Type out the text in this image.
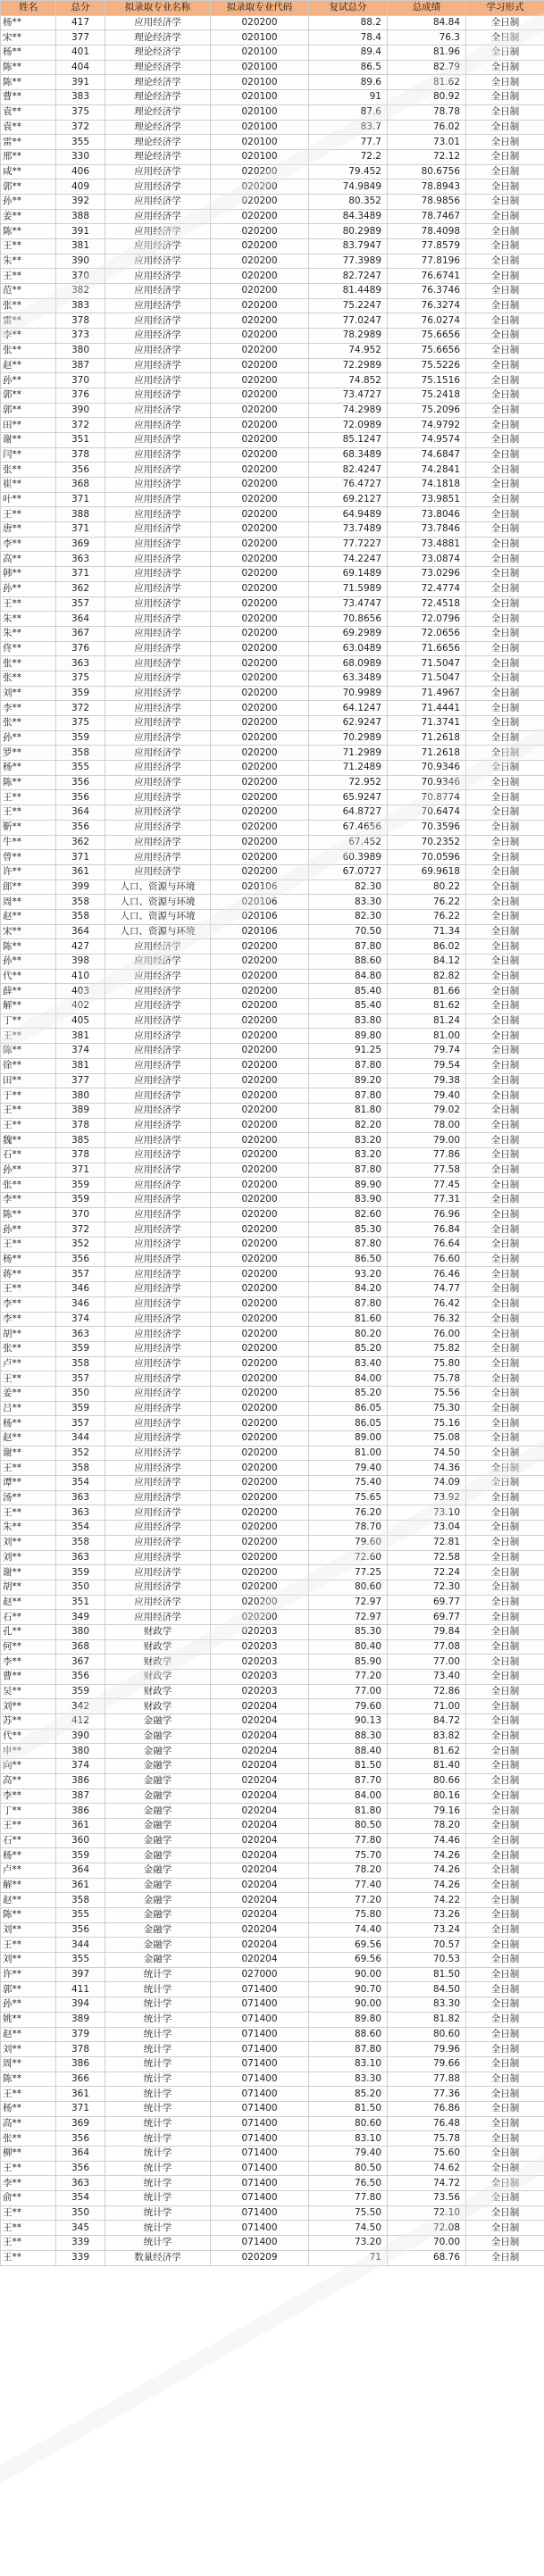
姓名	总分	拟录取专业名称	拟录取专业代码	复试总分	总成绩	学习形式
杨**	417	应用经济学	020200	88.2	84.84	全日制
宋**	377	理论经济学	020100	78.4	76.3	全日制
杨**	401	理论经济学	020100	89.4	81.96	全日制
陈**	404	理论经济学	020100	86.5	82.79	全日制
陈**	391	理论经济学	020100	89.6	81.62	全日制
曹**	383	理论经济学	020100	91	80.92	全日制
袁**	375	理论经济学	020100	87.6	78.78	全日制
袁**	372	理论经济学	020100	83.7	76.02	全日制
雷**	355	理论经济学	020100	77.7	73.01	全日制
邢**	330	理论经济学	020100	72.2	72.12	全日制
咸**	406	应用经济学	020200	79.452	80.6756	全日制
郭**	409	应用经济学	020200	74.9849	78.8943	全日制
孙**	392	应用经济学	020200	80.352	78.9856	全日制
姜**	388	应用经济学	020200	84.3489	78.7467	全日制
陈**	391	应用经济学	020200	80.2989	78.4098	全日制
王**	381	应用经济学	020200	83.7947	77.8579	全日制
朱**	390	应用经济学	020200	77.3989	77.8196	全日制
王**	370	应用经济学	020200	82.7247	76.6741	全日制
范**	382	应用经济学	020200	81.4489	76.3746	全日制
张**	383	应用经济学	020200	75.2247	76.3274	全日制
雷**	378	应用经济学	020200	77.0247	76.0274	全日制
李**	373	应用经济学	020200	78.2989	75.6656	全日制
张**	380	应用经济学	020200	74.952	75.6656	全日制
赵**	387	应用经济学	020200	72.2989	75.5226	全日制
孙**	370	应用经济学	020200	74.852	75.1516	全日制
郭**	376	应用经济学	020200	73.4727	75.2418	全日制
郭**	390	应用经济学	020200	74.2989	75.2096	全日制
田**	372	应用经济学	020200	72.0989	74.9792	全日制
谢**	351	应用经济学	020200	85.1247	74.9574	全日制
闫**	378	应用经济学	020200	68.3489	74.6847	全日制
张**	356	应用经济学	020200	82.4247	74.2841	全日制
崔**	368	应用经济学	020200	76.4727	74.1818	全日制
叶**	371	应用经济学	020200	69.2127	73.9851	全日制
王**	388	应用经济学	020200	64.9489	73.8046	全日制
唐**	371	应用经济学	020200	73.7489	73.7846	全日制
李**	369	应用经济学	020200	77.7227	73.4881	全日制
高**	363	应用经济学	020200	74.2247	73.0874	全日制
韩**	371	应用经济学	020200	69.1489	73.0296	全日制
孙**	362	应用经济学	020200	71.5989	72.4774	全日制
王**	357	应用经济学	020200	73.4747	72.4518	全日制
朱**	364	应用经济学	020200	70.8656	72.0796	全日制
朱**	367	应用经济学	020200	69.2989	72.0656	全日制
佟**	376	应用经济学	020200	63.0489	71.6656	全日制
张**	363	应用经济学	020200	68.0989	71.5047	全日制
张**	375	应用经济学	020200	63.3489	71.5047	全日制
刘**	359	应用经济学	020200	70.9989	71.4967	全日制
李**	372	应用经济学	020200	64.1247	71.4441	全日制
张**	375	应用经济学	020200	62.9247	71.3741	全日制
孙**	359	应用经济学	020200	70.2989	71.2618	全日制
罗**	358	应用经济学	020200	71.2989	71.2618	全日制
杨**	355	应用经济学	020200	71.2489	70.9346	全日制
陈**	356	应用经济学	020200	72.952	70.9346	全日制
王**	356	应用经济学	020200	65.9247	70.8774	全日制
王**	364	应用经济学	020200	64.8727	70.6474	全日制
靳**	356	应用经济学	020200	67.4656	70.3596	全日制
牛**	362	应用经济学	020200	67.452	70.2352	全日制
曾**	371	应用经济学	020200	60.3989	70.0596	全日制
许**	361	应用经济学	020200	67.0727	69.9618	全日制
郎**	399	人口、资源与环境	020106	82.30	80.22	全日制
周**	358	人口、资源与环境	020106	83.30	76.22	全日制
赵**	358	人口、资源与环境	020106	82.30	76.22	全日制
宋**	364	人口、资源与环境	020106	70.50	71.34	全日制
陈**	427	应用经济学	020200	87.80	86.02	全日制
孙**	398	应用经济学	020200	88.60	84.12	全日制
代**	410	应用经济学	020200	84.80	82.82	全日制
薛**	403	应用经济学	020200	85.40	81.66	全日制
解**	402	应用经济学	020200	85.40	81.62	全日制
丁**	405	应用经济学	020200	83.80	81.24	全日制
王**	381	应用经济学	020200	89.80	81.00	全日制
陈**	374	应用经济学	020200	91.25	79.74	全日制
徐**	381	应用经济学	020200	87.80	79.54	全日制
田**	377	应用经济学	020200	89.20	79.38	全日制
于**	380	应用经济学	020200	87.80	79.40	全日制
王**	389	应用经济学	020200	81.80	79.02	全日制
王**	378	应用经济学	020200	82.20	78.00	全日制
魏**	385	应用经济学	020200	83.20	79.00	全日制
石**	378	应用经济学	020200	83.20	77.86	全日制
孙**	371	应用经济学	020200	87.80	77.58	全日制
张**	359	应用经济学	020200	89.90	77.45	全日制
李**	359	应用经济学	020200	83.90	77.31	全日制
陈**	370	应用经济学	020200	82.60	76.96	全日制
孙**	372	应用经济学	020200	85.30	76.84	全日制
王**	352	应用经济学	020200	87.80	76.64	全日制
杨**	356	应用经济学	020200	86.50	76.60	全日制
蒋**	357	应用经济学	020200	93.20	76.46	全日制
王**	346	应用经济学	020200	84.20	74.77	全日制
李**	346	应用经济学	020200	87.80	76.42	全日制
李**	374	应用经济学	020200	81.60	76.32	全日制
胡**	363	应用经济学	020200	80.20	76.00	全日制
张**	359	应用经济学	020200	85.20	75.82	全日制
卢**	358	应用经济学	020200	83.40	75.80	全日制
王**	357	应用经济学	020200	84.00	75.78	全日制
姜**	350	应用经济学	020200	85.20	75.56	全日制
吕**	359	应用经济学	020200	86.05	75.30	全日制
杨**	357	应用经济学	020200	86.05	75.16	全日制
赵**	344	应用经济学	020200	89.00	75.08	全日制
谢**	352	应用经济学	020200	81.00	74.50	全日制
王**	358	应用经济学	020200	79.40	74.36	全日制
谭**	354	应用经济学	020200	75.40	74.09	全日制
汤**	363	应用经济学	020200	75.65	73.92	全日制
王**	363	应用经济学	020200	76.20	73.10	全日制
朱**	354	应用经济学	020200	78.70	73.04	全日制
刘**	358	应用经济学	020200	79.60	72.81	全日制
刘**	363	应用经济学	020200	72.60	72.58	全日制
谢**	359	应用经济学	020200	77.25	72.24	全日制
胡**	350	应用经济学	020200	80.60	72.30	全日制
赵**	351	应用经济学	020200	72.97	69.77	全日制
石**	349	应用经济学	020200	72.97	69.77	全日制
孔**	380	财政学	020203	85.30	79.84	全日制
何**	368	财政学	020203	80.40	77.08	全日制
李**	367	财政学	020203	85.90	77.00	全日制
曹**	356	财政学	020203	77.20	73.40	全日制
吴**	359	财政学	020203	77.00	72.86	全日制
刘**	342	财政学	020204	79.60	71.00	全日制
苏**	412	金融学	020204	90.13	84.72	全日制
代**	390	金融学	020204	88.30	83.82	全日制
申**	380	金融学	020204	88.40	81.62	全日制
向**	374	金融学	020204	81.50	81.40	全日制
高**	386	金融学	020204	87.70	80.66	全日制
李**	387	金融学	020204	84.00	80.16	全日制
丁**	386	金融学	020204	81.80	79.16	全日制
王**	361	金融学	020204	80.50	78.20	全日制
石**	360	金融学	020204	77.80	74.46	全日制
杨**	359	金融学	020204	75.70	74.26	全日制
卢**	364	金融学	020204	78.20	74.26	全日制
解**	361	金融学	020204	77.40	74.26	全日制
赵**	358	金融学	020204	77.20	74.22	全日制
陈**	355	金融学	020204	75.80	73.26	全日制
刘**	356	金融学	020204	74.40	73.24	全日制
王**	344	金融学	020204	69.56	70.57	全日制
刘**	355	金融学	020204	69.56	70.53	全日制
许**	397	统计学	027000	90.00	81.50	全日制
郭**	411	统计学	071400	90.70	84.50	全日制
孙**	394	统计学	071400	90.00	83.30	全日制
姚**	389	统计学	071400	89.80	81.82	全日制
赵**	379	统计学	071400	88.60	80.60	全日制
刘**	378	统计学	071400	87.80	79.96	全日制
周**	386	统计学	071400	83.10	79.66	全日制
陈**	366	统计学	071400	83.30	77.88	全日制
王**	361	统计学	071400	85.20	77.36	全日制
杨**	371	统计学	071400	81.50	76.86	全日制
高**	369	统计学	071400	80.60	76.48	全日制
张**	356	统计学	071400	83.10	75.78	全日制
柳**	364	统计学	071400	79.40	75.60	全日制
王**	356	统计学	071400	80.50	74.62	全日制
李**	363	统计学	071400	76.50	74.72	全日制
俞**	354	统计学	071400	77.80	73.56	全日制
王**	350	统计学	071400	75.50	72.10	全日制
王**	345	统计学	071400	74.50	72.08	全日制
王**	339	统计学	071400	73.20	70.00	全日制
王**	339	数量经济学	020209	71	68.76	全日制
